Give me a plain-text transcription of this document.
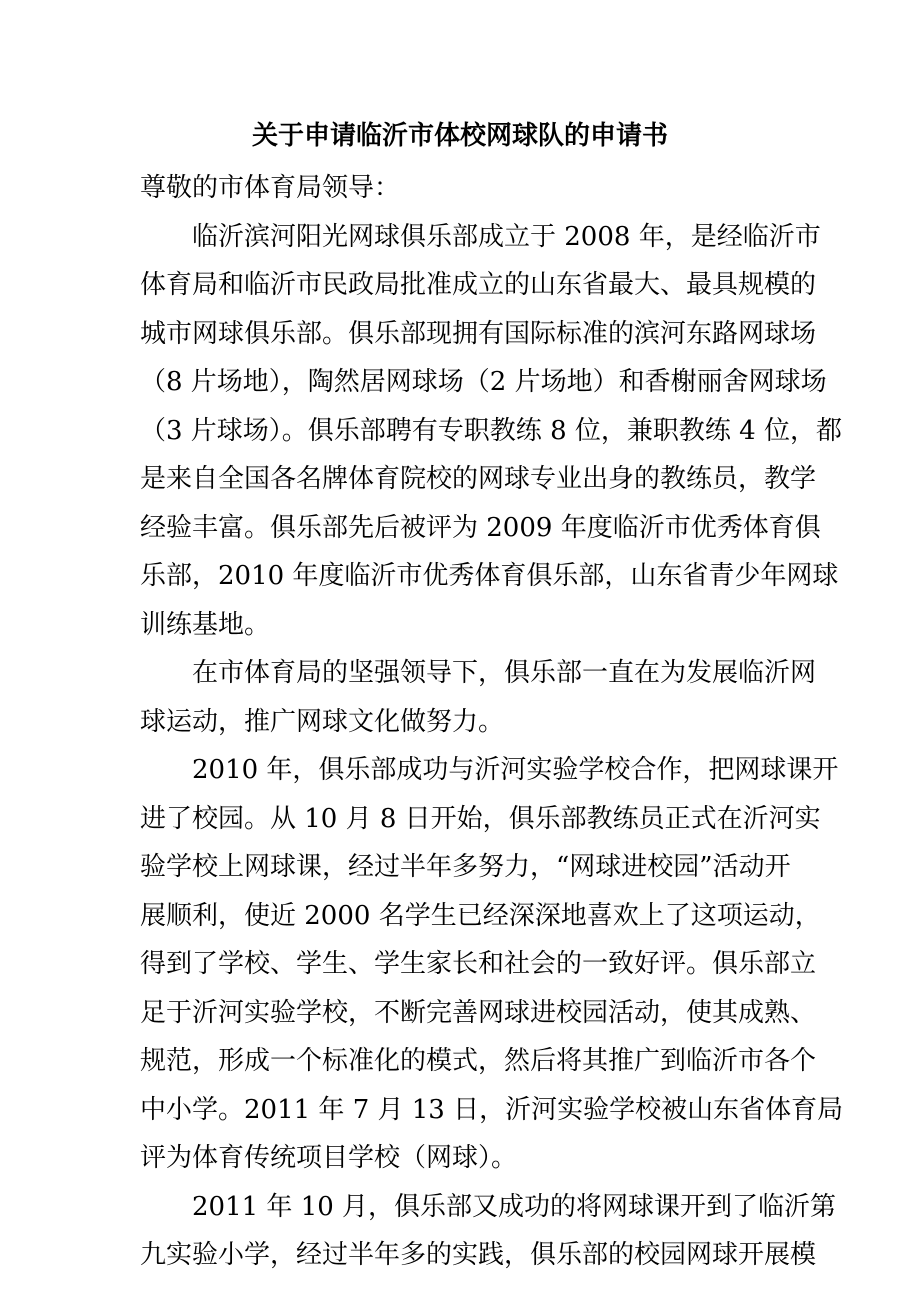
关于申请临沂市体校网球队的申请书
尊敬的市体育局领导：
临沂滨河阳光网球俱乐部成立于 2008 年，是经临沂市
体育局和临沂市民政局批准成立的山东省最大、最具规模的
城市网球俱乐部。俱乐部现拥有国际标准的滨河东路网球场
（8 片场地），陶然居网球场（2 片场地）和香榭丽舍网球场
（3 片球场）。俱乐部聘有专职教练 8 位，兼职教练 4 位，都
是来自全国各名牌体育院校的网球专业出身的教练员，教学
经验丰富。俱乐部先后被评为 2009 年度临沂市优秀体育俱
乐部，2010 年度临沂市优秀体育俱乐部，山东省青少年网球
训练基地。
在市体育局的坚强领导下，俱乐部一直在为发展临沂网
球运动，推广网球文化做努力。
2010 年，俱乐部成功与沂河实验学校合作，把网球课开
进了校园。从 10 月 8 日开始，俱乐部教练员正式在沂河实
验学校上网球课，经过半年多努力，“网球进校园”活动开
展顺利，使近 2000 名学生已经深深地喜欢上了这项运动，
得到了学校、学生、学生家长和社会的一致好评。俱乐部立
足于沂河实验学校，不断完善网球进校园活动，使其成熟、
规范，形成一个标准化的模式，然后将其推广到临沂市各个
中小学。2011 年 7 月 13 日，沂河实验学校被山东省体育局
评为体育传统项目学校（网球）。
2011 年 10 月，俱乐部又成功的将网球课开到了临沂第
九实验小学，经过半年多的实践，俱乐部的校园网球开展模
